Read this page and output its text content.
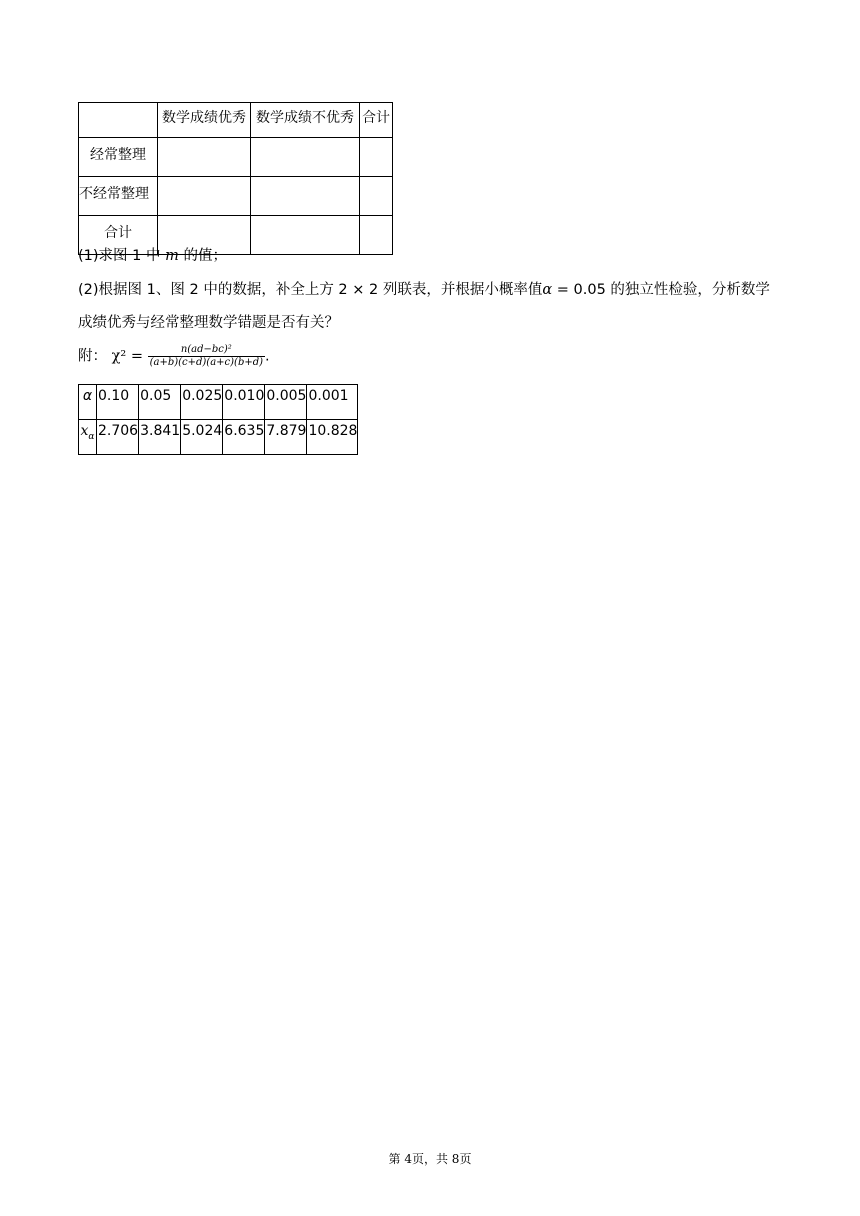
	数学成绩优秀	数学成绩不优秀	合计
经常整理			
不经常整理			
合计			
(1)求图 1 中 m 的值；
(2)根据图 1、图 2 中的数据，补全上方 2 × 2 列联表，并根据小概率值α = 0.05 的独立性检验，分析数学
成绩优秀与经常整理数学错题是否有关？
附： $\chi^2 = \frac{\text{n(ad−bc)²}}{(a+b)(c+d)(a+c)(b+d)}$ .
α	0.10	0.05	0.025	0.010	0.005	0.001
$x_\alpha$	2.706	3.841	5.024	6.635	7.879	10.828
第 4页，共 8页
